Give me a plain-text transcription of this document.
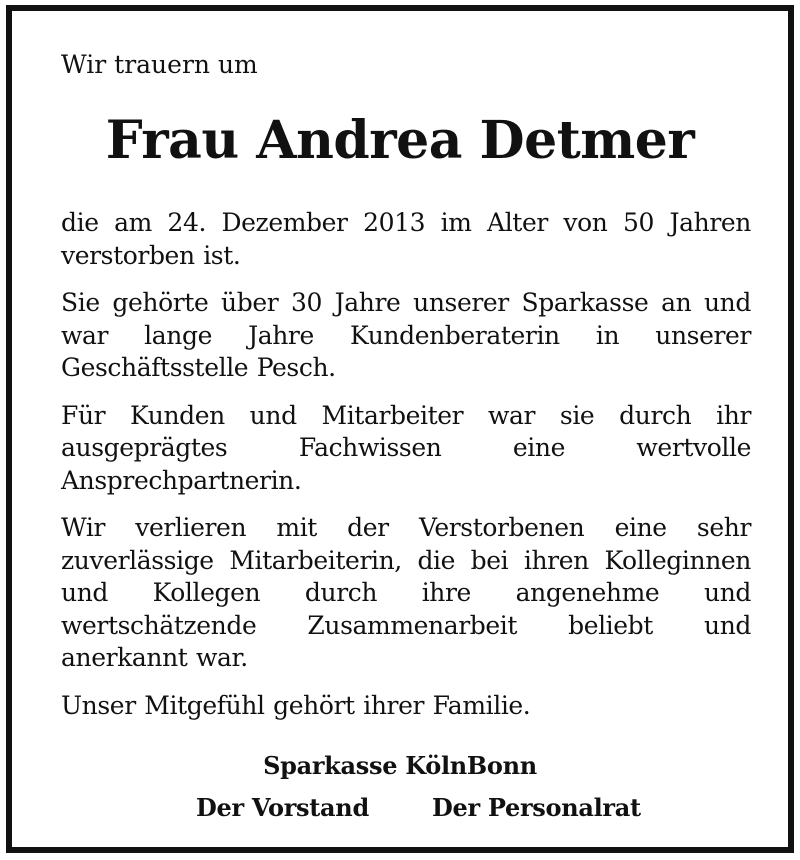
Wir trauern um

Frau Andrea Detmer

die am 24. Dezember 2013 im Alter von 50 Jahren verstorben ist.

Sie gehörte über 30 Jahre unserer Sparkasse an und war lange Jahre Kundenberaterin in unserer Geschäftsstelle Pesch.

Für Kunden und Mitarbeiter war sie durch ihr ausgeprägtes Fachwissen eine wertvolle Ansprechpartnerin.

Wir verlieren mit der Verstorbenen eine sehr zuverlässige Mitarbeiterin, die bei ihren Kolleginnen und Kollegen durch ihre angenehme und wertschätzende Zusammenarbeit beliebt und anerkannt war.

Unser Mitgefühl gehört ihrer Familie.

Sparkasse KölnBonn

Der Vorstand	Der Personalrat
